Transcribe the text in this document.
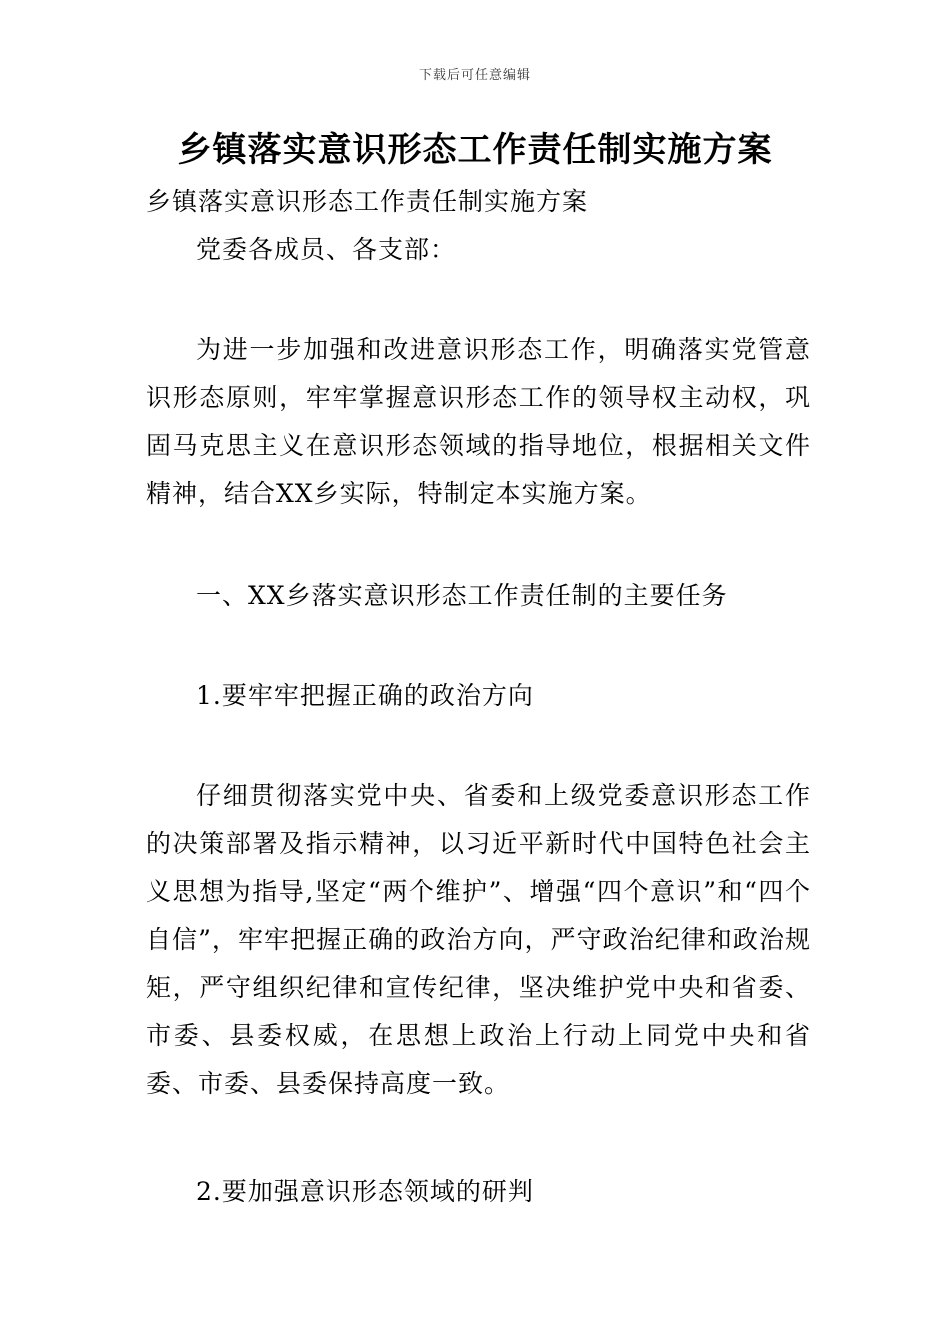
下载后可任意编辑
乡镇落实意识形态工作责任制实施方案

乡镇落实意识形态工作责任制实施方案

党委各成员、各支部：

为进一步加强和改进意识形态工作，明确落实党管意识形态原则，牢牢掌握意识形态工作的领导权主动权，巩固马克思主义在意识形态领域的指导地位，根据相关文件精神，结合XX乡实际，特制定本实施方案。

一、XX乡落实意识形态工作责任制的主要任务

1.要牢牢把握正确的政治方向

仔细贯彻落实党中央、省委和上级党委意识形态工作的决策部署及指示精神，以习近平新时代中国特色社会主义思想为指导,坚定“两个维护”、增强“四个意识”和“四个自信”，牢牢把握正确的政治方向，严守政治纪律和政治规矩，严守组织纪律和宣传纪律，坚决维护党中央和省委、市委、县委权威，在思想上政治上行动上同党中央和省委、市委、县委保持高度一致。

2.要加强意识形态领域的研判
